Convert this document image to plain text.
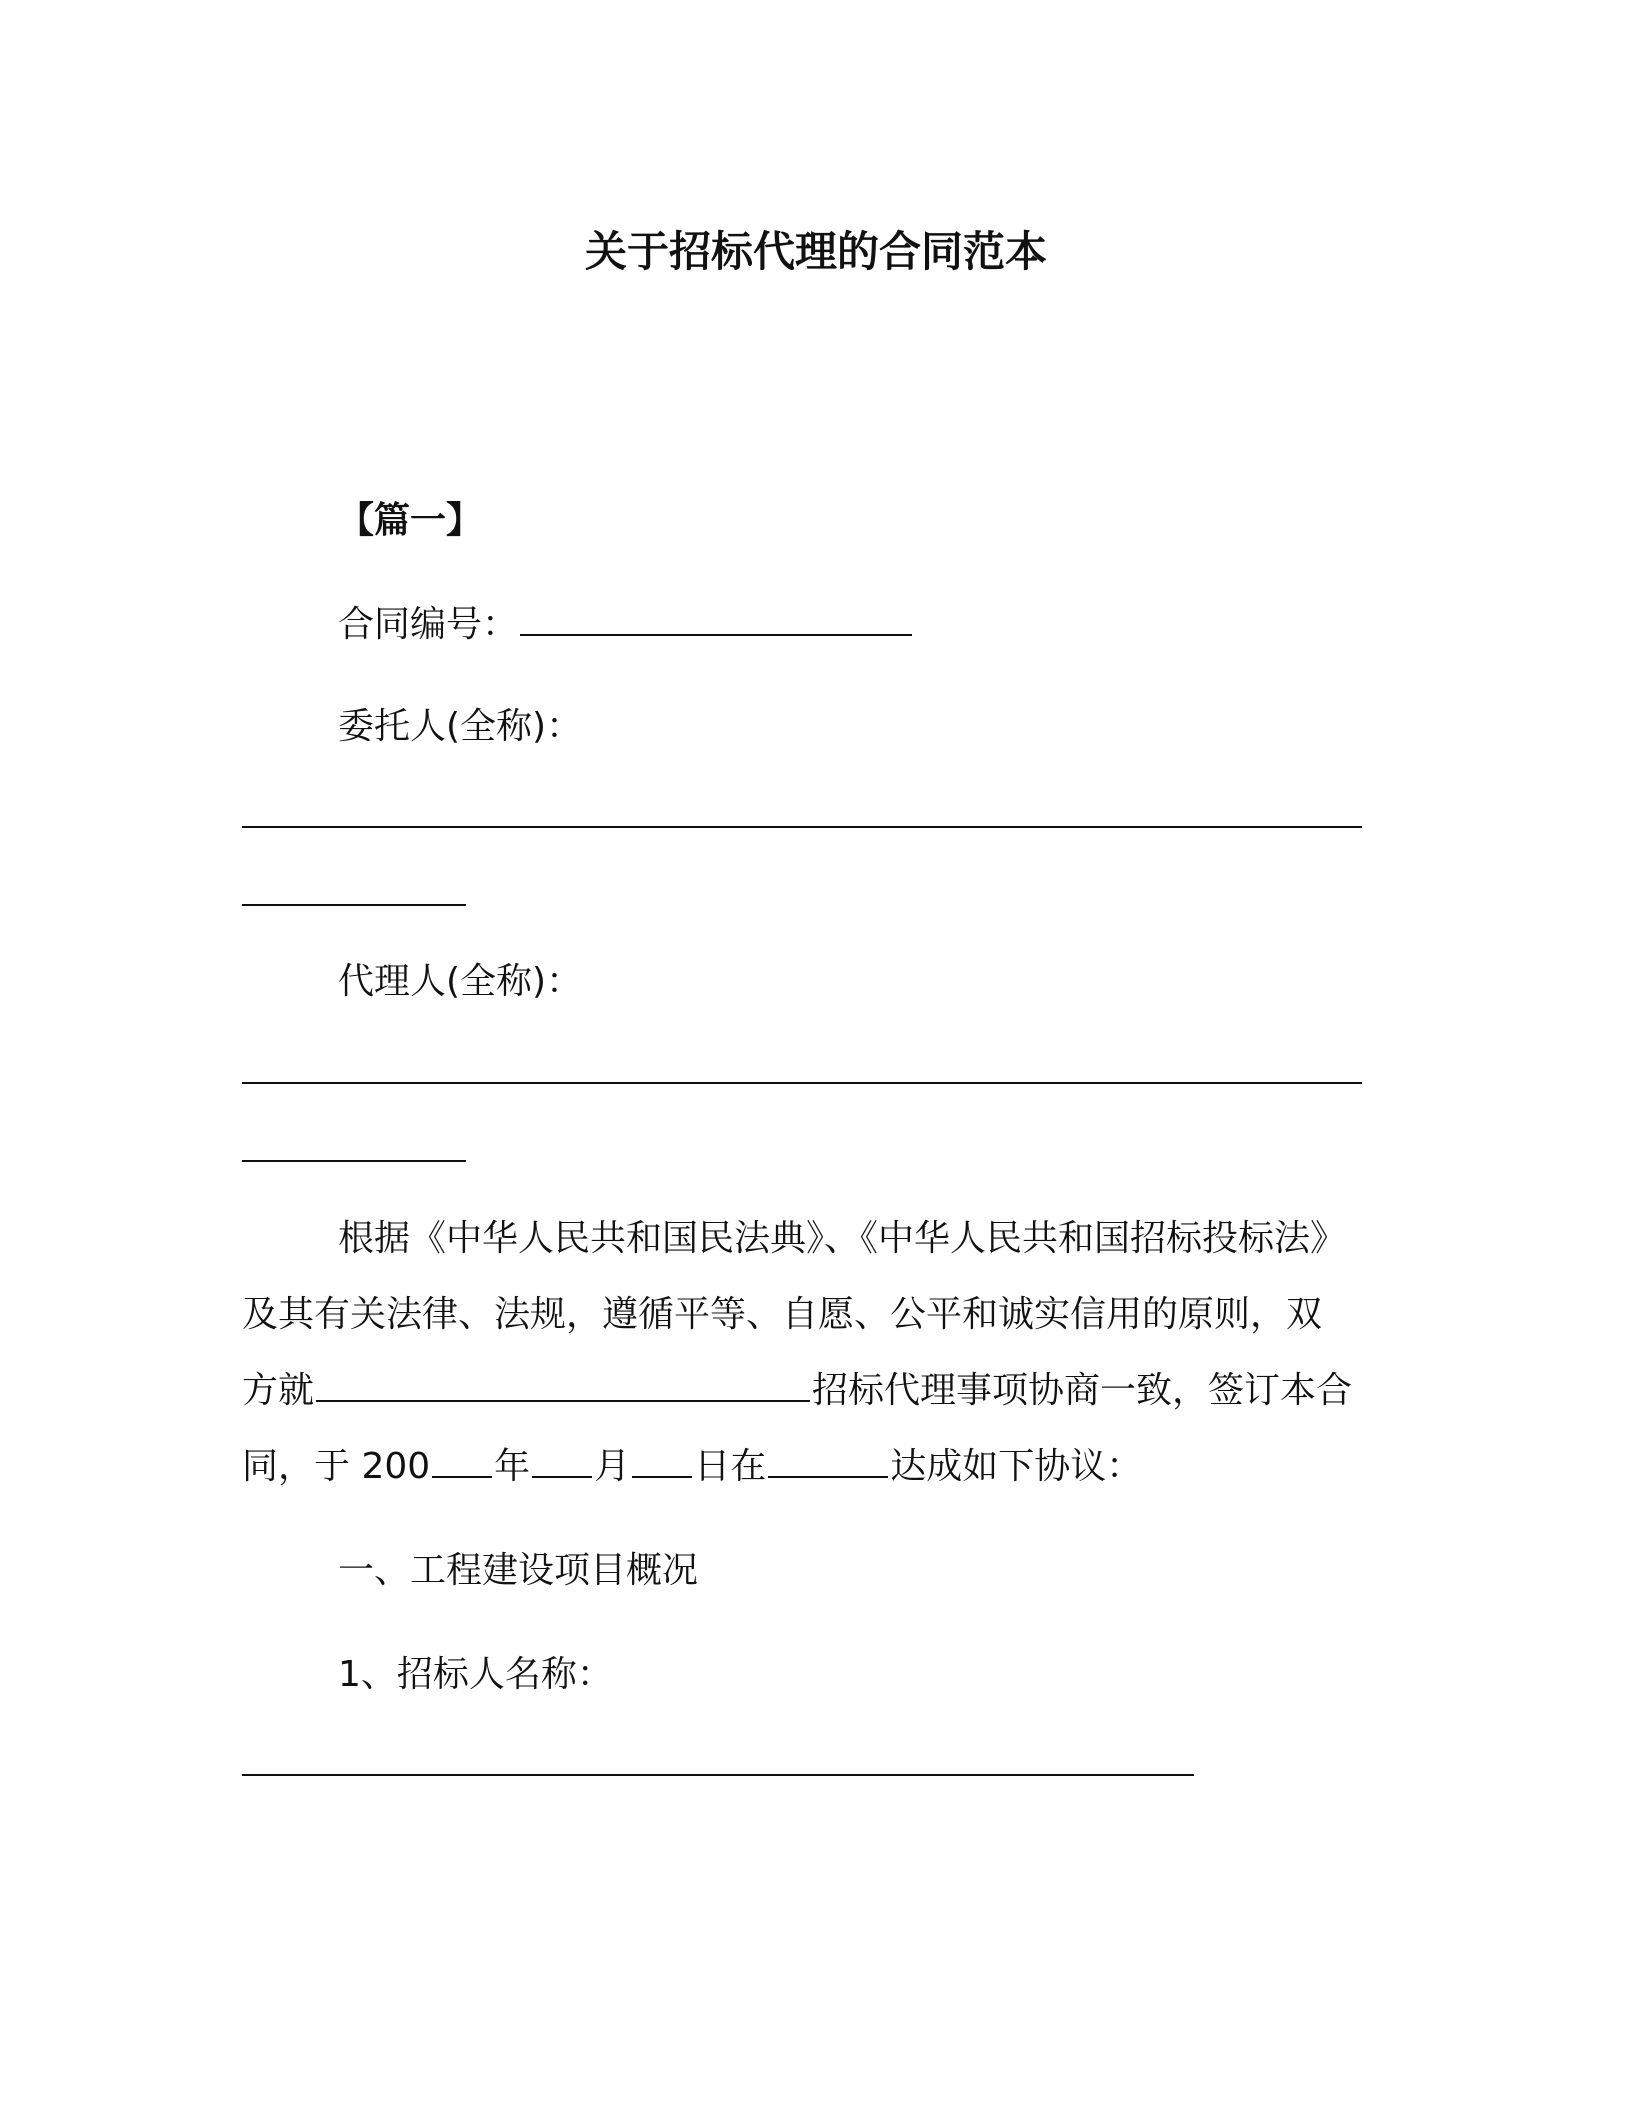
关于招标代理的合同范本
【篇一】
合同编号：
委托人(全称)：
代理人(全称)：
根据《中华人民共和国民法典》、《中华人民共和国招标投标法》
及其有关法律、法规，遵循平等、自愿、公平和诚实信用的原则，双
方就	招标代理事项协商一致，签订本合
同，于 200 年 月 日在	达成如下协议：
一、工程建设项目概况
1、招标人名称：
